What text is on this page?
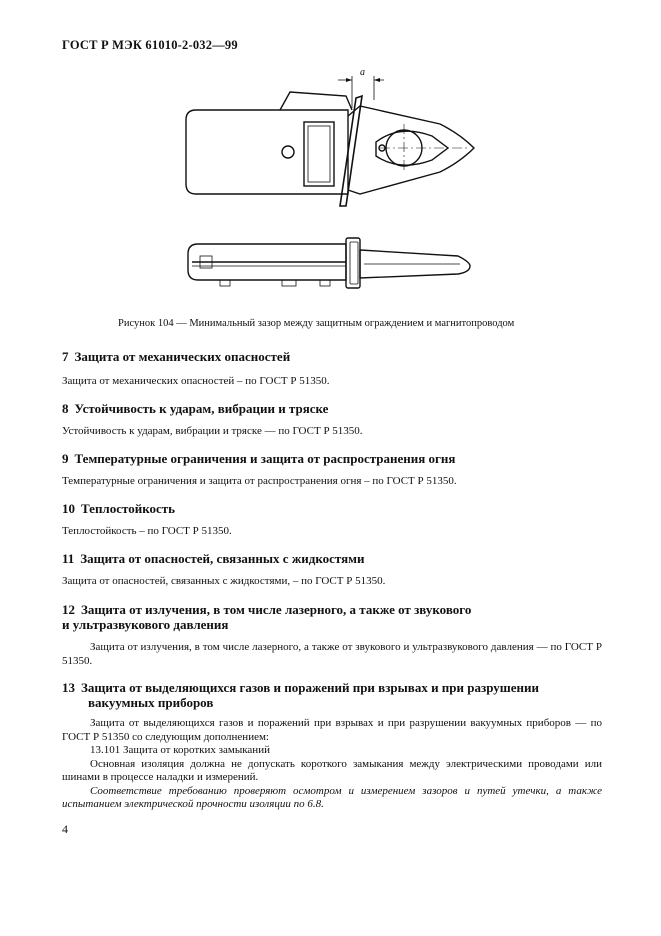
ГОСТ Р МЭК 61010-2-032—99
a
Рисунок 104 — Минимальный зазор между защитным ограждением и магнитопроводом
7 Защита от механических опасностей
Защита от механических опасностей – по ГОСТ Р 51350.
8 Устойчивость к ударам, вибрации и тряске
Устойчивость к ударам, вибрации и тряске — по ГОСТ Р 51350.
9 Температурные ограничения и защита от распространения огня
Температурные ограничения и защита от распространения огня – по ГОСТ Р 51350.
10 Теплостойкость
Теплостойкость – по ГОСТ Р 51350.
11 Защита от опасностей, связанных с жидкостями
Защита от опасностей, связанных с жидкостями, – по ГОСТ Р 51350.
12 Защита от излучения, в том числе лазерного, а также от звукового
и ультразвукового давления
Защита от излучения, в том числе лазерного, а также от звукового и ультразвукового давления — по ГОСТ Р 51350.
13 Защита от выделяющихся газов и поражений при взрывах и при разрушении
вакуумных приборов
Защита от выделяющихся газов и поражений при взрывах и при разрушении вакуумных приборов — по ГОСТ Р 51350 со следующим дополнением:
13.101 Защита от коротких замыканий
Основная изоляция должна не допускать короткого замыкания между электрическими проводами или шинами в процессе наладки и измерений.
Соответствие требованию проверяют осмотром и измерением зазоров и путей утечки, а также испытанием электрической прочности изоляции по 6.8.
4
